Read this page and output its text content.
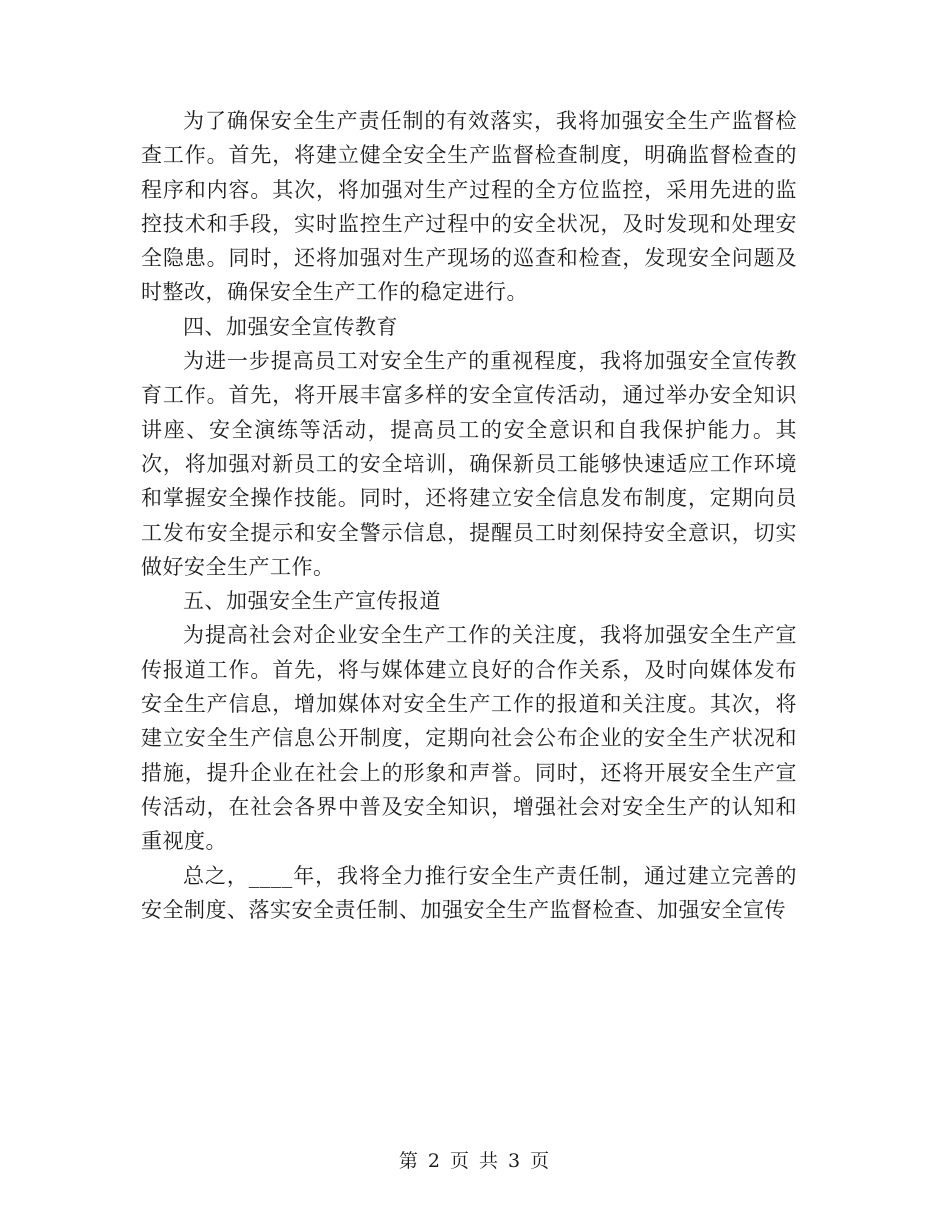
为了确保安全生产责任制的有效落实，我将加强安全生产监督检查工作。首先，将建立健全安全生产监督检查制度，明确监督检查的程序和内容。其次，将加强对生产过程的全方位监控，采用先进的监控技术和手段，实时监控生产过程中的安全状况，及时发现和处理安全隐患。同时，还将加强对生产现场的巡查和检查，发现安全问题及时整改，确保安全生产工作的稳定进行。

四、加强安全宣传教育

为进一步提高员工对安全生产的重视程度，我将加强安全宣传教育工作。首先，将开展丰富多样的安全宣传活动，通过举办安全知识讲座、安全演练等活动，提高员工的安全意识和自我保护能力。其次，将加强对新员工的安全培训，确保新员工能够快速适应工作环境和掌握安全操作技能。同时，还将建立安全信息发布制度，定期向员工发布安全提示和安全警示信息，提醒员工时刻保持安全意识，切实做好安全生产工作。

五、加强安全生产宣传报道

为提高社会对企业安全生产工作的关注度，我将加强安全生产宣传报道工作。首先，将与媒体建立良好的合作关系，及时向媒体发布安全生产信息，增加媒体对安全生产工作的报道和关注度。其次，将建立安全生产信息公开制度，定期向社会公布企业的安全生产状况和措施，提升企业在社会上的形象和声誉。同时，还将开展安全生产宣传活动，在社会各界中普及安全知识，增强社会对安全生产的认知和重视度。

总之，____年，我将全力推行安全生产责任制，通过建立完善的安全制度、落实安全责任制、加强安全生产监督检查、加强安全宣传

第 2 页 共 3 页
